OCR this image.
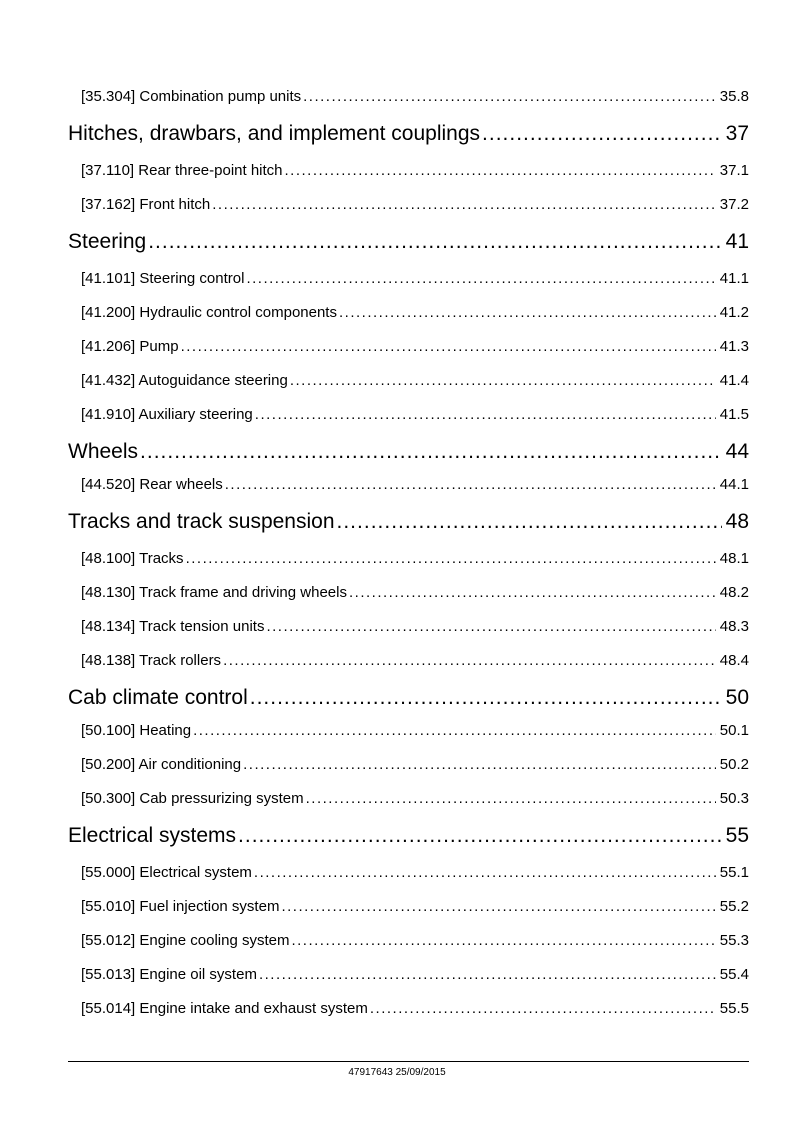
[35.304] Combination pump units .....	35.8
Hitches, drawbars, and implement couplings .....	37
[37.110] Rear three-point hitch .....	37.1
[37.162] Front hitch .....	37.2
Steering .....	41
[41.101] Steering control .....	41.1
[41.200] Hydraulic control components .....	41.2
[41.206] Pump .....	41.3
[41.432] Autoguidance steering .....	41.4
[41.910] Auxiliary steering .....	41.5
Wheels .....	44
[44.520] Rear wheels .....	44.1
Tracks and track suspension .....	48
[48.100] Tracks .....	48.1
[48.130] Track frame and driving wheels .....	48.2
[48.134] Track tension units .....	48.3
[48.138] Track rollers .....	48.4
Cab climate control .....	50
[50.100] Heating .....	50.1
[50.200] Air conditioning .....	50.2
[50.300] Cab pressurizing system .....	50.3
Electrical systems .....	55
[55.000] Electrical system .....	55.1
[55.010] Fuel injection system .....	55.2
[55.012] Engine cooling system .....	55.3
[55.013] Engine oil system .....	55.4
[55.014] Engine intake and exhaust system .....	55.5
47917643 25/09/2015
